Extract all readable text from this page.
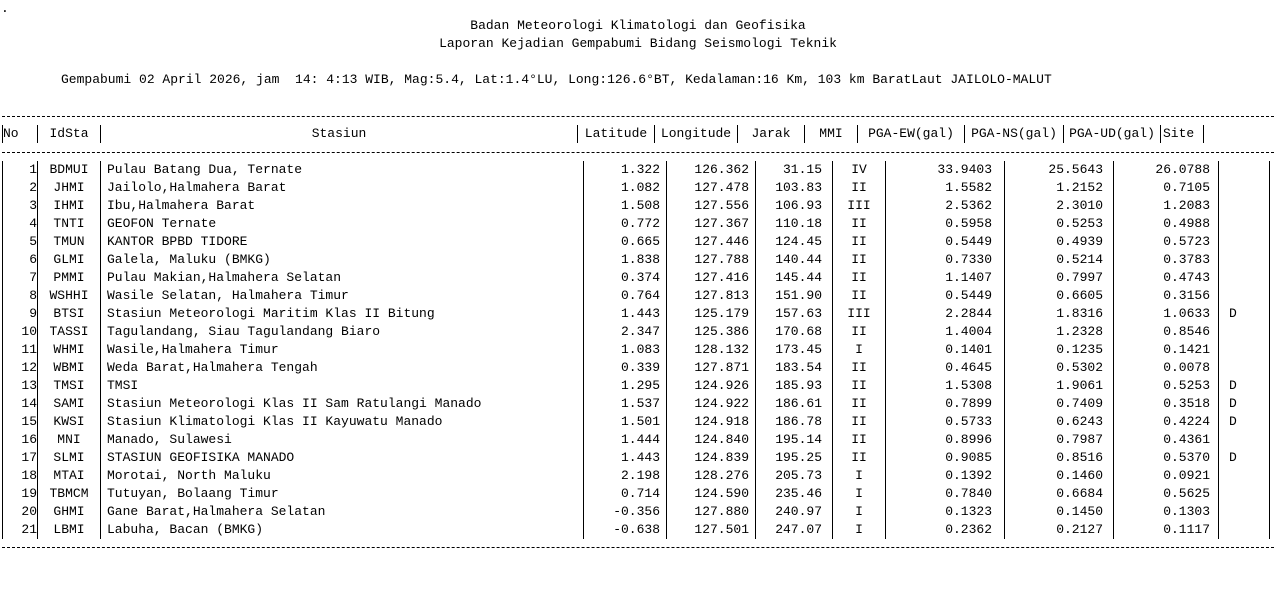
.
Badan Meteorologi Klimatologi dan Geofisika
Laporan Kejadian Gempabumi Bidang Seismologi Teknik
Gempabumi 02 April 2026, jam  14: 4:13 WIB, Mag:5.4, Lat:1.4°LU, Long:126.6°BT, Kedalaman:16 Km, 103 km BaratLaut JAILOLO-MALUT
	No	IdSta	Stasiun	Latitude	Longitude	Jarak	MMI	PGA-EW(gal)	PGA-NS(gal)	PGA-UD(gal)	Site
	1	BDMUI	Pulau Batang Dua, Ternate	1.322	126.362	31.15	IV	33.9403	25.5643	26.0788	
	2	JHMI	Jailolo,Halmahera Barat	1.082	127.478	103.83	II	1.5582	1.2152	0.7105	
	3	IHMI	Ibu,Halmahera Barat	1.508	127.556	106.93	III	2.5362	2.3010	1.2083	
	4	TNTI	GEOFON Ternate	0.772	127.367	110.18	II	0.5958	0.5253	0.4988	
	5	TMUN	KANTOR BPBD TIDORE	0.665	127.446	124.45	II	0.5449	0.4939	0.5723	
	6	GLMI	Galela, Maluku (BMKG)	1.838	127.788	140.44	II	0.7330	0.5214	0.3783	
	7	PMMI	Pulau Makian,Halmahera Selatan	0.374	127.416	145.44	II	1.1407	0.7997	0.4743	
	8	WSHHI	Wasile Selatan, Halmahera Timur	0.764	127.813	151.90	II	0.5449	0.6605	0.3156	
	9	BTSI	Stasiun Meteorologi Maritim Klas II Bitung	1.443	125.179	157.63	III	2.2844	1.8316	1.0633	D
	10	TASSI	Tagulandang, Siau Tagulandang Biaro	2.347	125.386	170.68	II	1.4004	1.2328	0.8546	
	11	WHMI	Wasile,Halmahera Timur	1.083	128.132	173.45	I	0.1401	0.1235	0.1421	
	12	WBMI	Weda Barat,Halmahera Tengah	0.339	127.871	183.54	II	0.4645	0.5302	0.0078	
	13	TMSI	TMSI	1.295	124.926	185.93	II	1.5308	1.9061	0.5253	D
	14	SAMI	Stasiun Meteorologi Klas II Sam Ratulangi Manado	1.537	124.922	186.61	II	0.7899	0.7409	0.3518	D
	15	KWSI	Stasiun Klimatologi Klas II Kayuwatu Manado	1.501	124.918	186.78	II	0.5733	0.6243	0.4224	D
	16	MNI	Manado, Sulawesi	1.444	124.840	195.14	II	0.8996	0.7987	0.4361	
	17	SLMI	STASIUN GEOFISIKA MANADO	1.443	124.839	195.25	II	0.9085	0.8516	0.5370	D
	18	MTAI	Morotai, North Maluku	2.198	128.276	205.73	I	0.1392	0.1460	0.0921	
	19	TBMCM	Tutuyan, Bolaang Timur	0.714	124.590	235.46	I	0.7840	0.6684	0.5625	
	20	GHMI	Gane Barat,Halmahera Selatan	-0.356	127.880	240.97	I	0.1323	0.1450	0.1303	
	21	LBMI	Labuha, Bacan (BMKG)	-0.638	127.501	247.07	I	0.2362	0.2127	0.1117	
